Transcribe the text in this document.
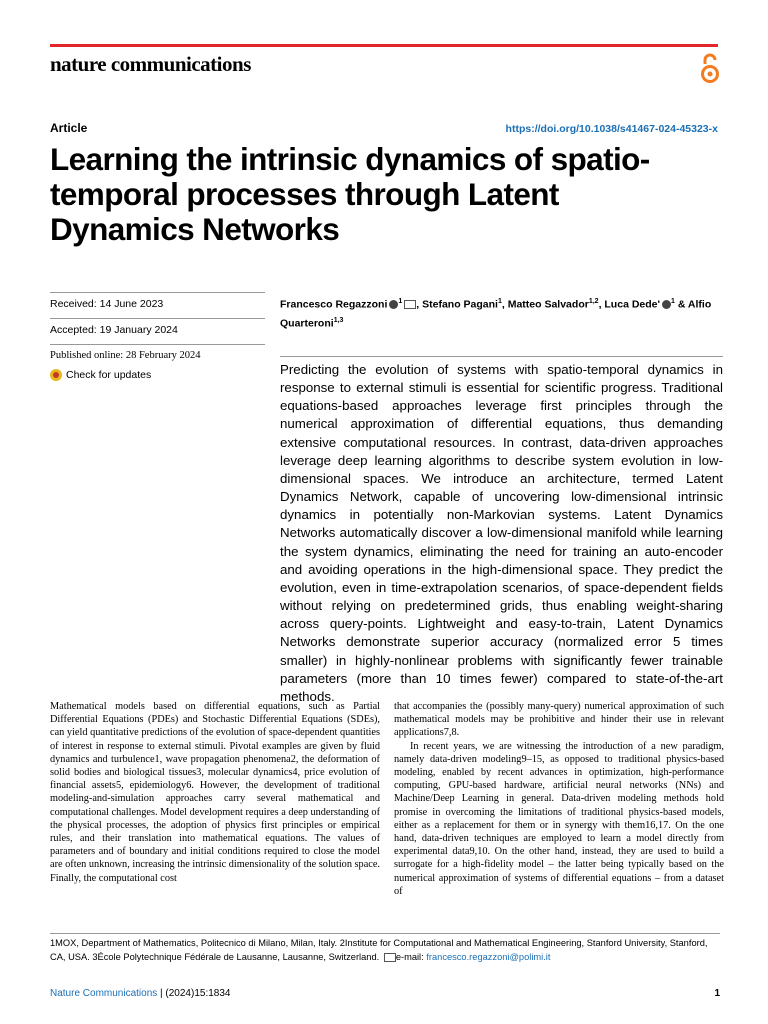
nature communications
Article	https://doi.org/10.1038/s41467-024-45323-x
Learning the intrinsic dynamics of spatio-temporal processes through Latent Dynamics Networks
Received: 14 June 2023
Accepted: 19 January 2024
Published online: 28 February 2024
Check for updates
Francesco Regazzoni $^1$ , Stefano Pagani$^1$, Matteo Salvador$^{1,2}$, Luca Dede' $^1$ & Alfio Quarteroni$^{1,3}$

Predicting the evolution of systems with spatio-temporal dynamics in response to external stimuli is essential for scientific progress. Traditional equations-based approaches leverage first principles through the numerical approximation of differential equations, thus demanding extensive computational resources. In contrast, data-driven approaches leverage deep learning algorithms to describe system evolution in low-dimensional spaces. We introduce an architecture, termed Latent Dynamics Network, capable of uncovering low-dimensional intrinsic dynamics in potentially non-Markovian systems. Latent Dynamics Networks automatically discover a low-dimensional manifold while learning the system dynamics, eliminating the need for training an auto-encoder and avoiding operations in the high-dimensional space. They predict the evolution, even in time-extrapolation scenarios, of space-dependent fields without relying on predetermined grids, thus enabling weight-sharing across query-points. Lightweight and easy-to-train, Latent Dynamics Networks demonstrate superior accuracy (normalized error 5 times smaller) in highly-nonlinear problems with significantly fewer trainable parameters (more than 10 times fewer) compared to state-of-the-art methods.

Mathematical models based on differential equations, such as Partial Differential Equations (PDEs) and Stochastic Differential Equations (SDEs), can yield quantitative predictions of the evolution of space-dependent quantities of interest in response to external stimuli. Pivotal examples are given by fluid dynamics and turbulence1, wave propagation phenomena2, the deformation of solid bodies and biological tissues3, molecular dynamics4, price evolution of financial assets5, epidemiology6. However, the development of traditional modeling-and-simulation approaches carry several mathematical and computational challenges. Model development requires a deep understanding of the physical processes, the adoption of physics first principles or empirical rules, and their translation into mathematical equations. The values of parameters and of boundary and initial conditions required to close the model are often unknown, increasing the intrinsic dimensionality of the solution space. Finally, the computational cost

that accompanies the (possibly many-query) numerical approximation of such mathematical models may be prohibitive and hinder their use in relevant applications7,8.

In recent years, we are witnessing the introduction of a new paradigm, namely data-driven modeling9–15, as opposed to traditional physics-based modeling, enabled by recent advances in optimization, high-performance computing, GPU-based hardware, artificial neural networks (NNs) and Machine/Deep Learning in general. Data-driven modeling methods hold promise in overcoming the limitations of traditional physics-based models, either as a replacement for them or in synergy with them16,17. On the one hand, data-driven techniques are employed to learn a model directly from experimental data9,10. On the other hand, instead, they are used to build a surrogate for a high-fidelity model – the latter being typically based on the numerical approximation of systems of differential equations – from a dataset of

1MOX, Department of Mathematics, Politecnico di Milano, Milan, Italy. 2Institute for Computational and Mathematical Engineering, Stanford University, Stanford, CA, USA. 3École Polytechnique Fédérale de Lausanne, Lausanne, Switzerland. e-mail: francesco.regazzoni@polimi.it
Nature Communications | (2024)15:1834	1
